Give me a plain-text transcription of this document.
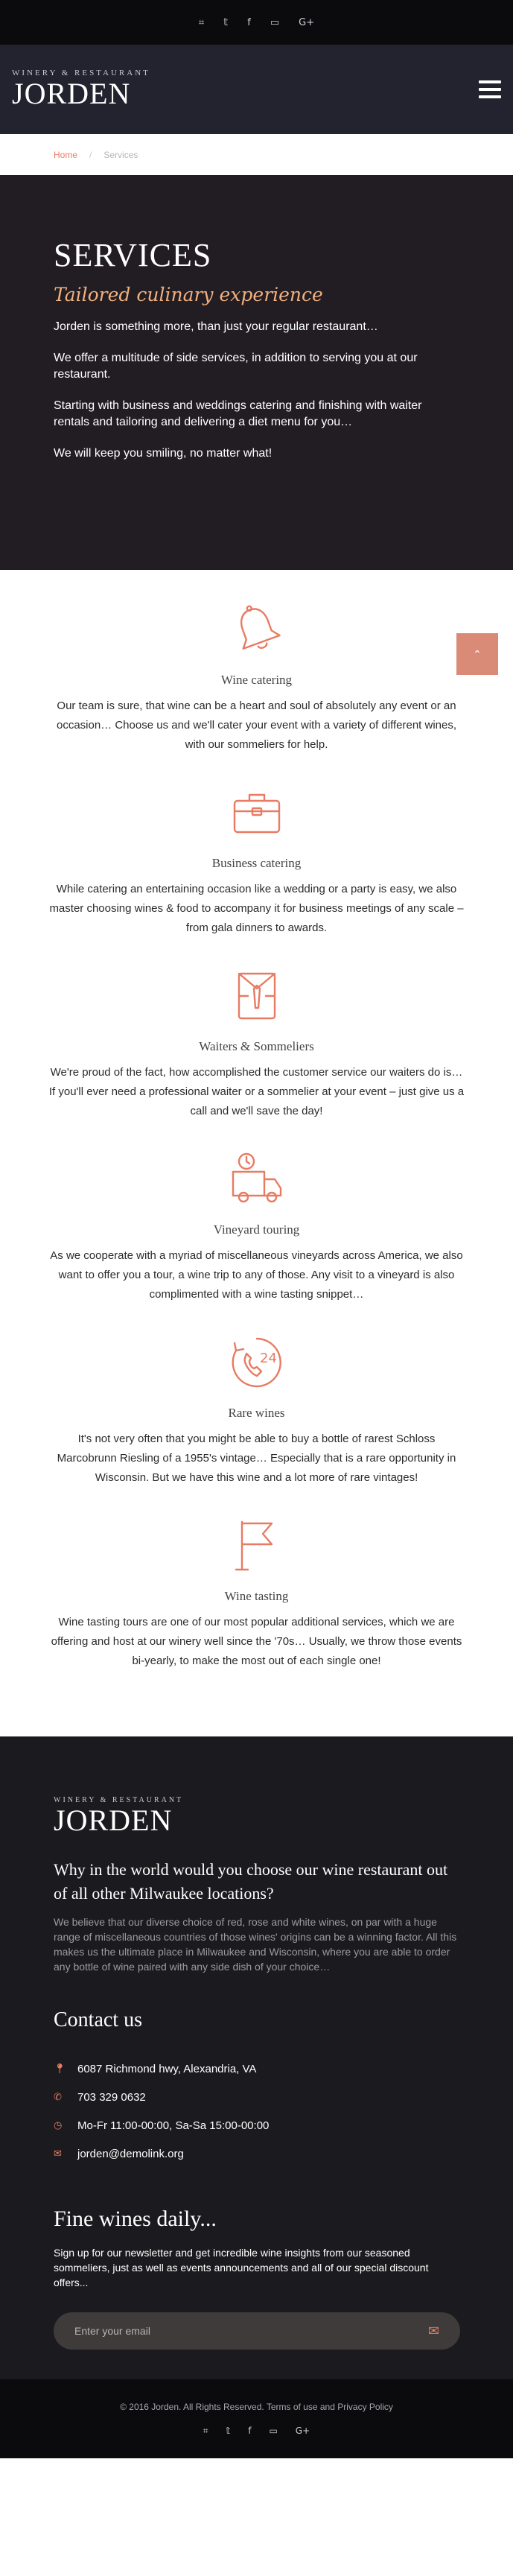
⌗ 𝕥 f ▭ G+
WINERY & RESTAURANT
JORDEN
Home / Services
SERVICES
Tailored culinary experience

Jorden is something more, than just your regular restaurant…

We offer a multitude of side services, in addition to serving you at our restaurant.

Starting with business and weddings catering and finishing with waiter rentals and tailoring and delivering a diet menu for you…

We will keep you smiling, no matter what!

⌃
Wine catering

Our team is sure, that wine can be a heart and soul of absolutely any event or an occasion… Choose us and we'll cater your event with a variety of different wines, with our sommeliers for help.

Business catering

While catering an entertaining occasion like a wedding or a party is easy, we also master choosing wines & food to accompany it for business meetings of any scale – from gala dinners to awards.

Waiters & Sommeliers

We're proud of the fact, how accomplished the customer service our waiters do is… If you'll ever need a professional waiter or a sommelier at your event – just give us a call and we'll save the day!

Vineyard touring

As we cooperate with a myriad of miscellaneous vineyards across America, we also want to offer you a tour, a wine trip to any of those. Any visit to a vineyard is also complimented with a wine tasting snippet…

24
Rare wines

It's not very often that you might be able to buy a bottle of rarest Schloss Marcobrunn Riesling of a 1955's vintage… Especially that is a rare opportunity in Wisconsin. But we have this wine and a lot more of rare vintages!

Wine tasting

Wine tasting tours are one of our most popular additional services, which we are offering and host at our winery well since the '70s… Usually, we throw those events bi-yearly, to make the most out of each single one!

WINERY & RESTAURANT
JORDEN
Why in the world would you choose our wine restaurant out of all other Milwaukee locations?

We believe that our diverse choice of red, rose and white wines, on par with a huge range of miscellaneous countries of those wines' origins can be a winning factor. All this makes us the ultimate place in Milwaukee and Wisconsin, where you are able to order any bottle of wine paired with any side dish of your choice…

Contact us
📍︎	6087 Richmond hwy, Alexandria, VA
✆	703 329 0632
◷	Mo-Fr 11:00-00:00, Sa-Sa 15:00-00:00
✉	jorden@demolink.org
Fine wines daily...

Sign up for our newsletter and get incredible wine insights from our seasoned sommeliers, just as well as events announcements and all of our special discount offers...

Enter your email
✉
© 2016 Jorden. All Rights Reserved. Terms of use and Privacy Policy
⌗ 𝕥 f ▭ G+
